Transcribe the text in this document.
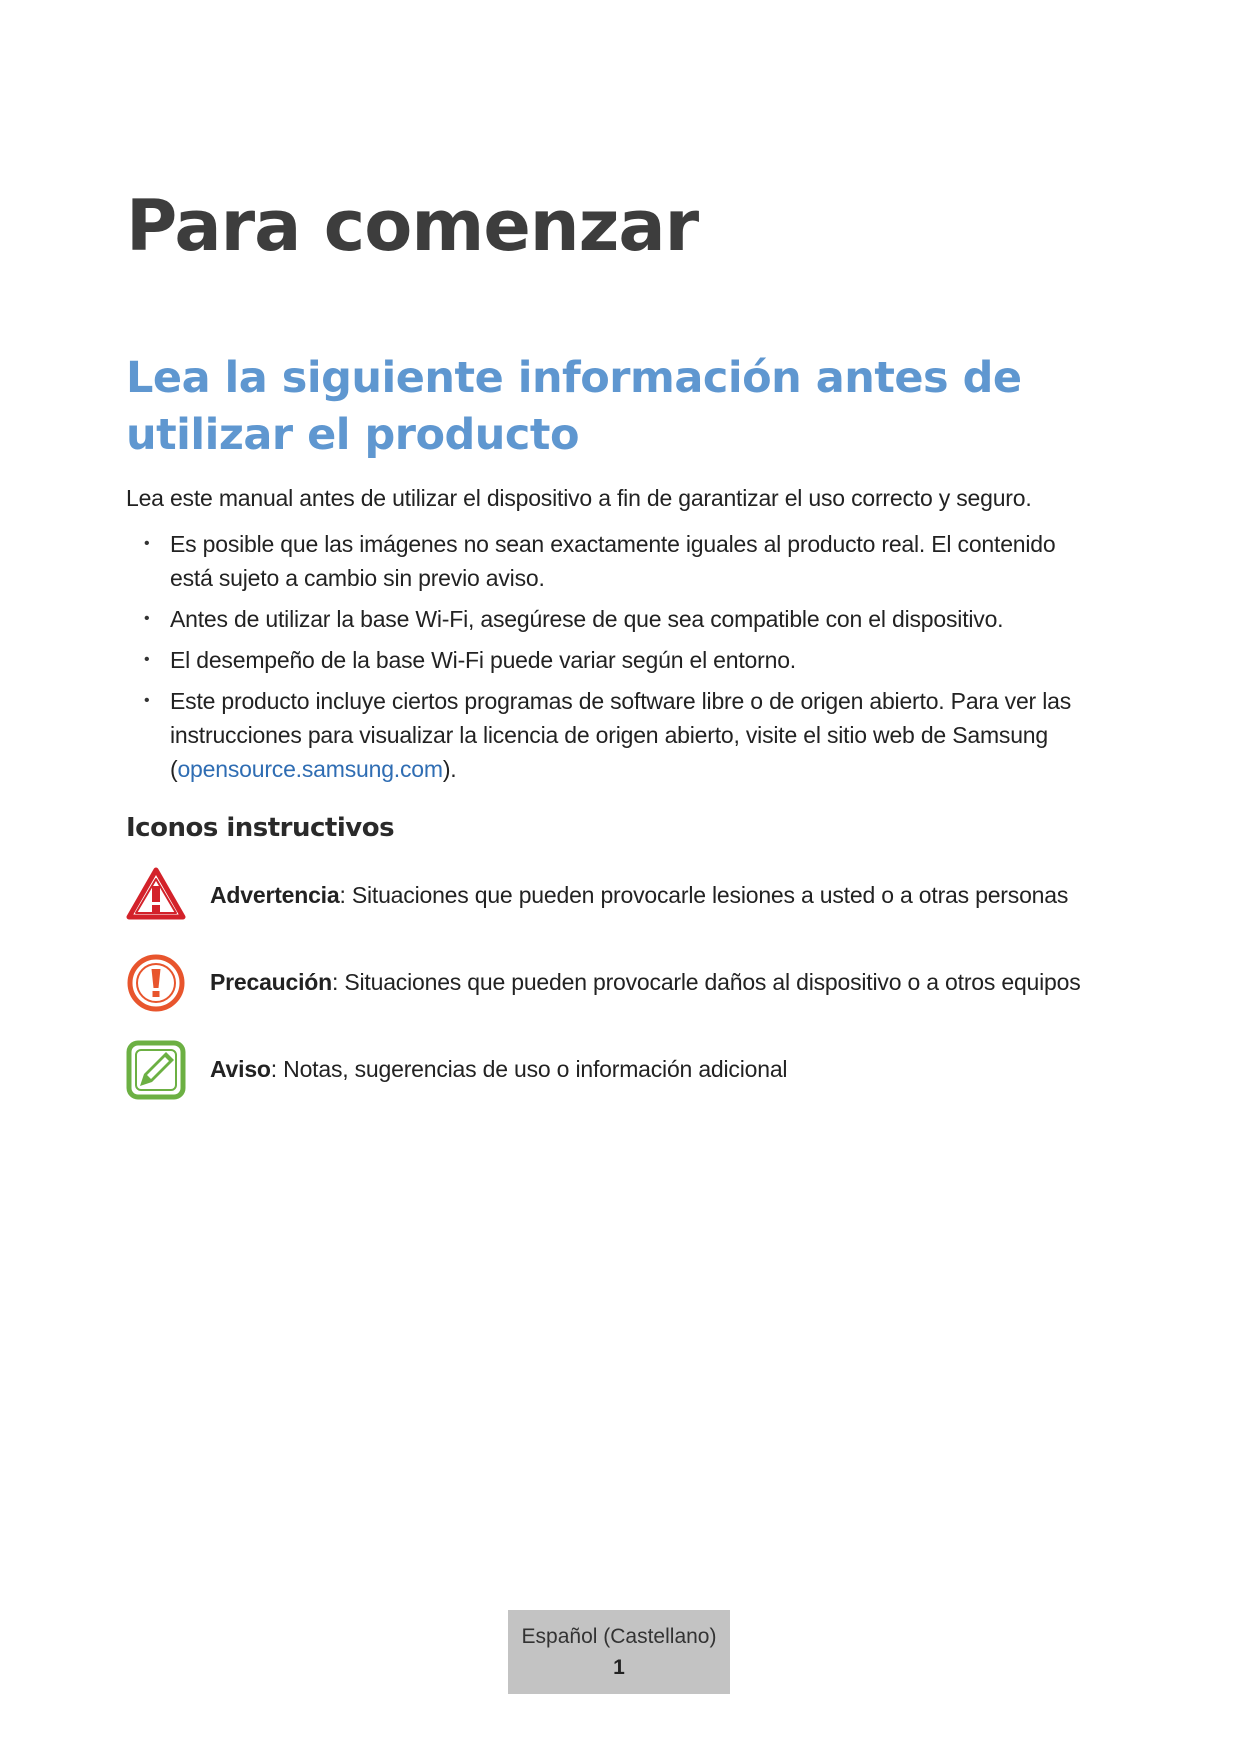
Para comenzar
Lea la siguiente información antes de utilizar el producto

Lea este manual antes de utilizar el dispositivo a fin de garantizar el uso correcto y seguro.

• Es posible que las imágenes no sean exactamente iguales al producto real. El contenido está sujeto a cambio sin previo aviso.
• Antes de utilizar la base Wi-Fi, asegúrese de que sea compatible con el dispositivo.
• El desempeño de la base Wi-Fi puede variar según el entorno.
• Este producto incluye ciertos programas de software libre o de origen abierto. Para ver las instrucciones para visualizar la licencia de origen abierto, visite el sitio web de Samsung (opensource.samsung.com).
Iconos instructivos
Advertencia: Situaciones que pueden provocarle lesiones a usted o a otras personas
Precaución: Situaciones que pueden provocarle daños al dispositivo o a otros equipos
Aviso: Notas, sugerencias de uso o información adicional
Español (Castellano)
1
